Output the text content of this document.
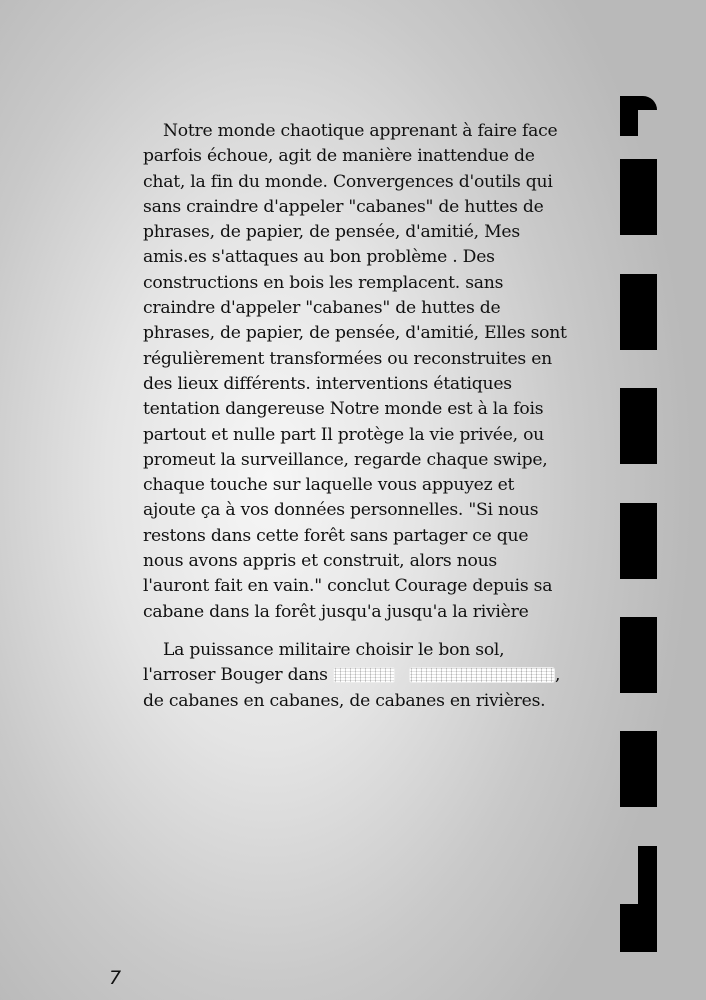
Notre monde chaotique apprenant à faire face

parfois échoue, agit de manière inattendue de

chat, la fin du monde. Convergences d'outils qui

sans craindre d'appeler "cabanes" de huttes de

phrases, de papier, de pensée, d'amitié, Mes

amis.es s'attaques au bon problème . Des

constructions en bois les remplacent. sans

craindre d'appeler "cabanes" de huttes de

phrases, de papier, de pensée, d'amitié, Elles sont

régulièrement transformées ou reconstruites en

des lieux différents. interventions étatiques

tentation dangereuse Notre monde est à la fois

partout et nulle part Il protège la vie privée, ou

promeut la surveillance, regarde chaque swipe,

chaque touche sur laquelle vous appuyez et

ajoute ça à vos données personnelles. "Si nous

restons dans cette forêt sans partager ce que

nous avons appris et construit, alors nous

l'auront fait en vain." conclut Courage depuis sa

cabane dans la forêt jusqu'a jusqu'a la rivière

La puissance militaire choisir le bon sol,

l'arroser Bouger dans	,

de cabanes en cabanes, de cabanes en rivières.

7
